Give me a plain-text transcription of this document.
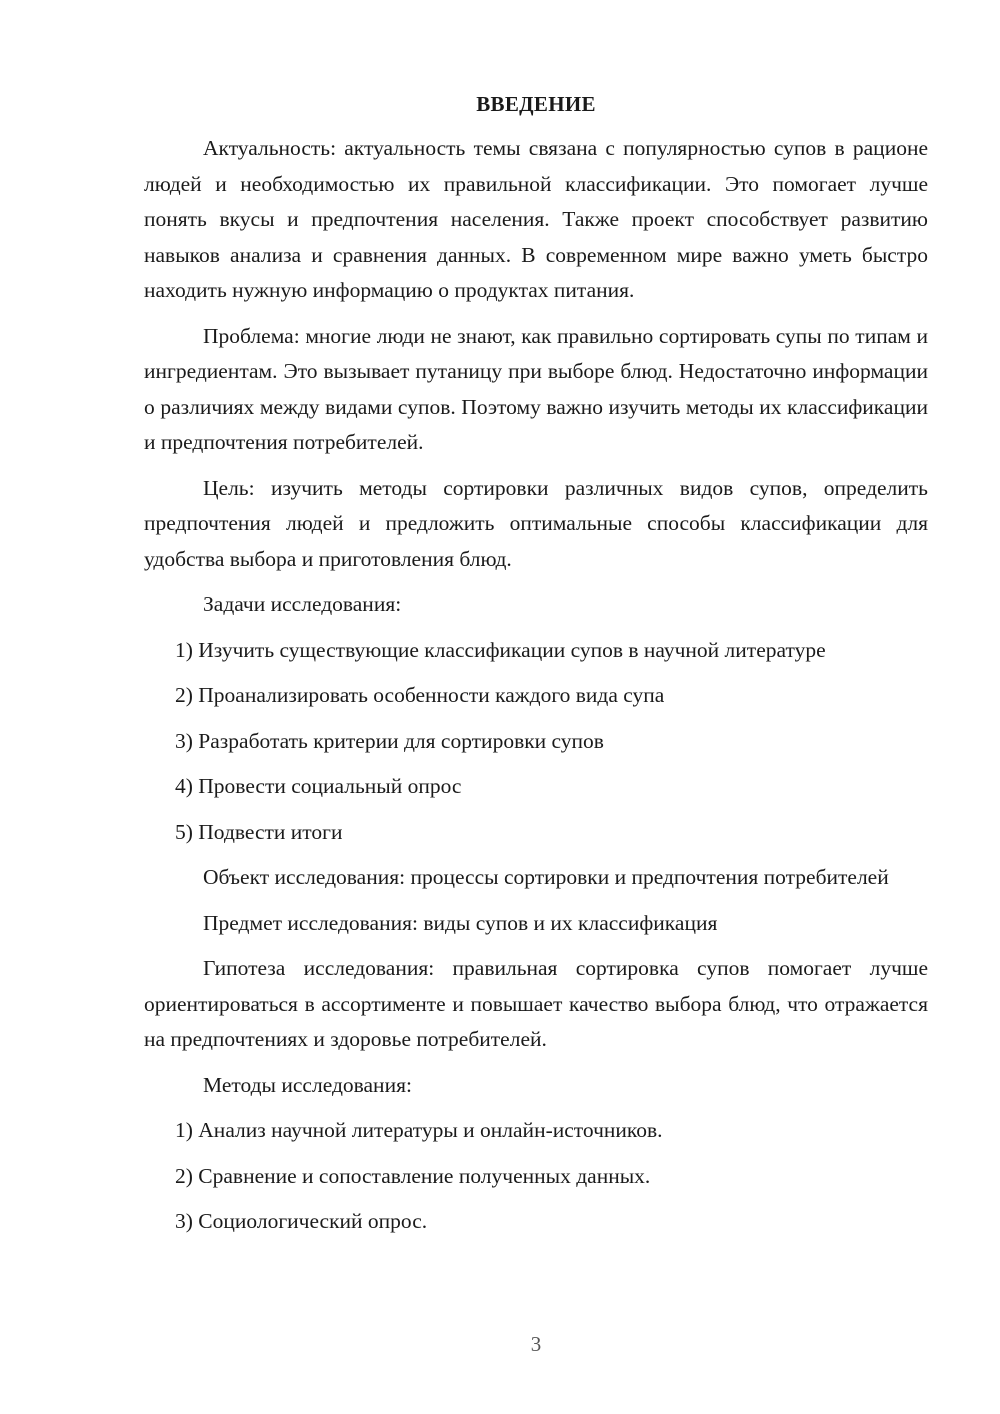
ВВЕДЕНИЕ

Актуальность: актуальность темы связана с популярностью супов в рационе людей и необходимостью их правильной классификации. Это помогает лучше понять вкусы и предпочтения населения. Также проект способствует развитию навыков анализа и сравнения данных. В современном мире важно уметь быстро находить нужную информацию о продуктах питания.

Проблема: многие люди не знают, как правильно сортировать супы по типам и ингредиентам. Это вызывает путаницу при выборе блюд. Недостаточно информации о различиях между видами супов. Поэтому важно изучить методы их классификации и предпочтения потребителей.

Цель: изучить методы сортировки различных видов супов, определить предпочтения людей и предложить оптимальные способы классификации для удобства выбора и приготовления блюд.

Задачи исследования:

1) Изучить существующие классификации супов в научной литературе

2) Проанализировать особенности каждого вида супа

3) Разработать критерии для сортировки супов

4) Провести социальный опрос

5) Подвести итоги

Объект исследования: процессы сортировки и предпочтения потребителей

Предмет исследования: виды супов и их классификация

Гипотеза исследования: правильная сортировка супов помогает лучше ориентироваться в ассортименте и повышает качество выбора блюд, что отражается на предпочтениях и здоровье потребителей.

Методы исследования:

1) Анализ научной литературы и онлайн-источников.

2) Сравнение и сопоставление полученных данных.

3) Социологический опрос.

3
